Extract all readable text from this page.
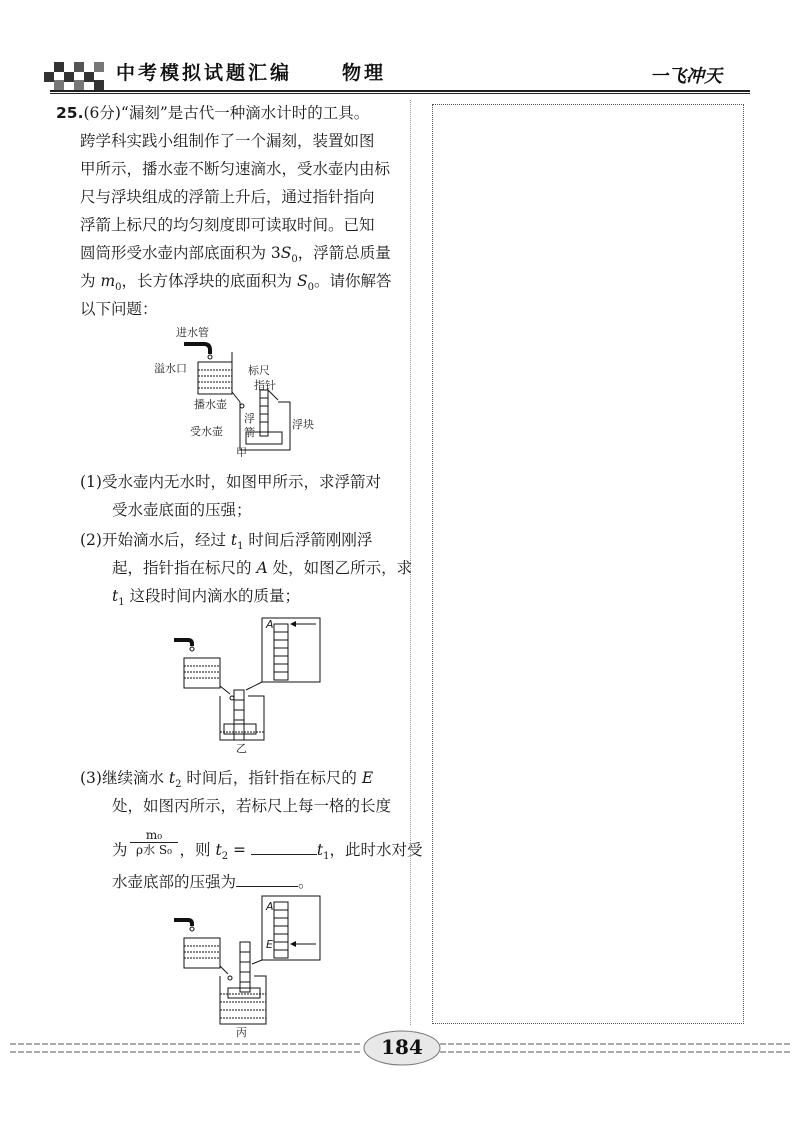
中考模拟试题汇编	物理	一飞冲天
25.(6分)“漏刻”是古代一种滴水计时的工具。
跨学科实践小组制作了一个漏刻，装置如图
甲所示，播水壶不断匀速滴水，受水壶内由标
尺与浮块组成的浮箭上升后，通过指针指向
浮箭上标尺的均匀刻度即可读取时间。已知
圆筒形受水壶内部底面积为 $3S_0$，浮箭总质量
为 $m_0$，长方体浮块的底面积为 $S_0$。请你解答
以下问题：
进水管
溢水口	标尺
指针
播水壶
浮
箭
受水壶
浮块
甲
(1)受水壶内无水时，如图甲所示，求浮箭对
受水壶底面的压强；
(2)开始滴水后，经过 $t_1$ 时间后浮箭刚刚浮
起，指针指在标尺的 A 处，如图乙所示，求
$t_1$ 这段时间内滴水的质量；
A
乙
(3)继续滴水 $t_2$ 时间后，指针指在标尺的 E
处，如图丙所示，若标尺上每一格的长度
为	，则 $t_2$ =	$t_1$，此时水对受
m₀
ρ水 S₀
水壶底部的压强为	。
A
E
丙
184
